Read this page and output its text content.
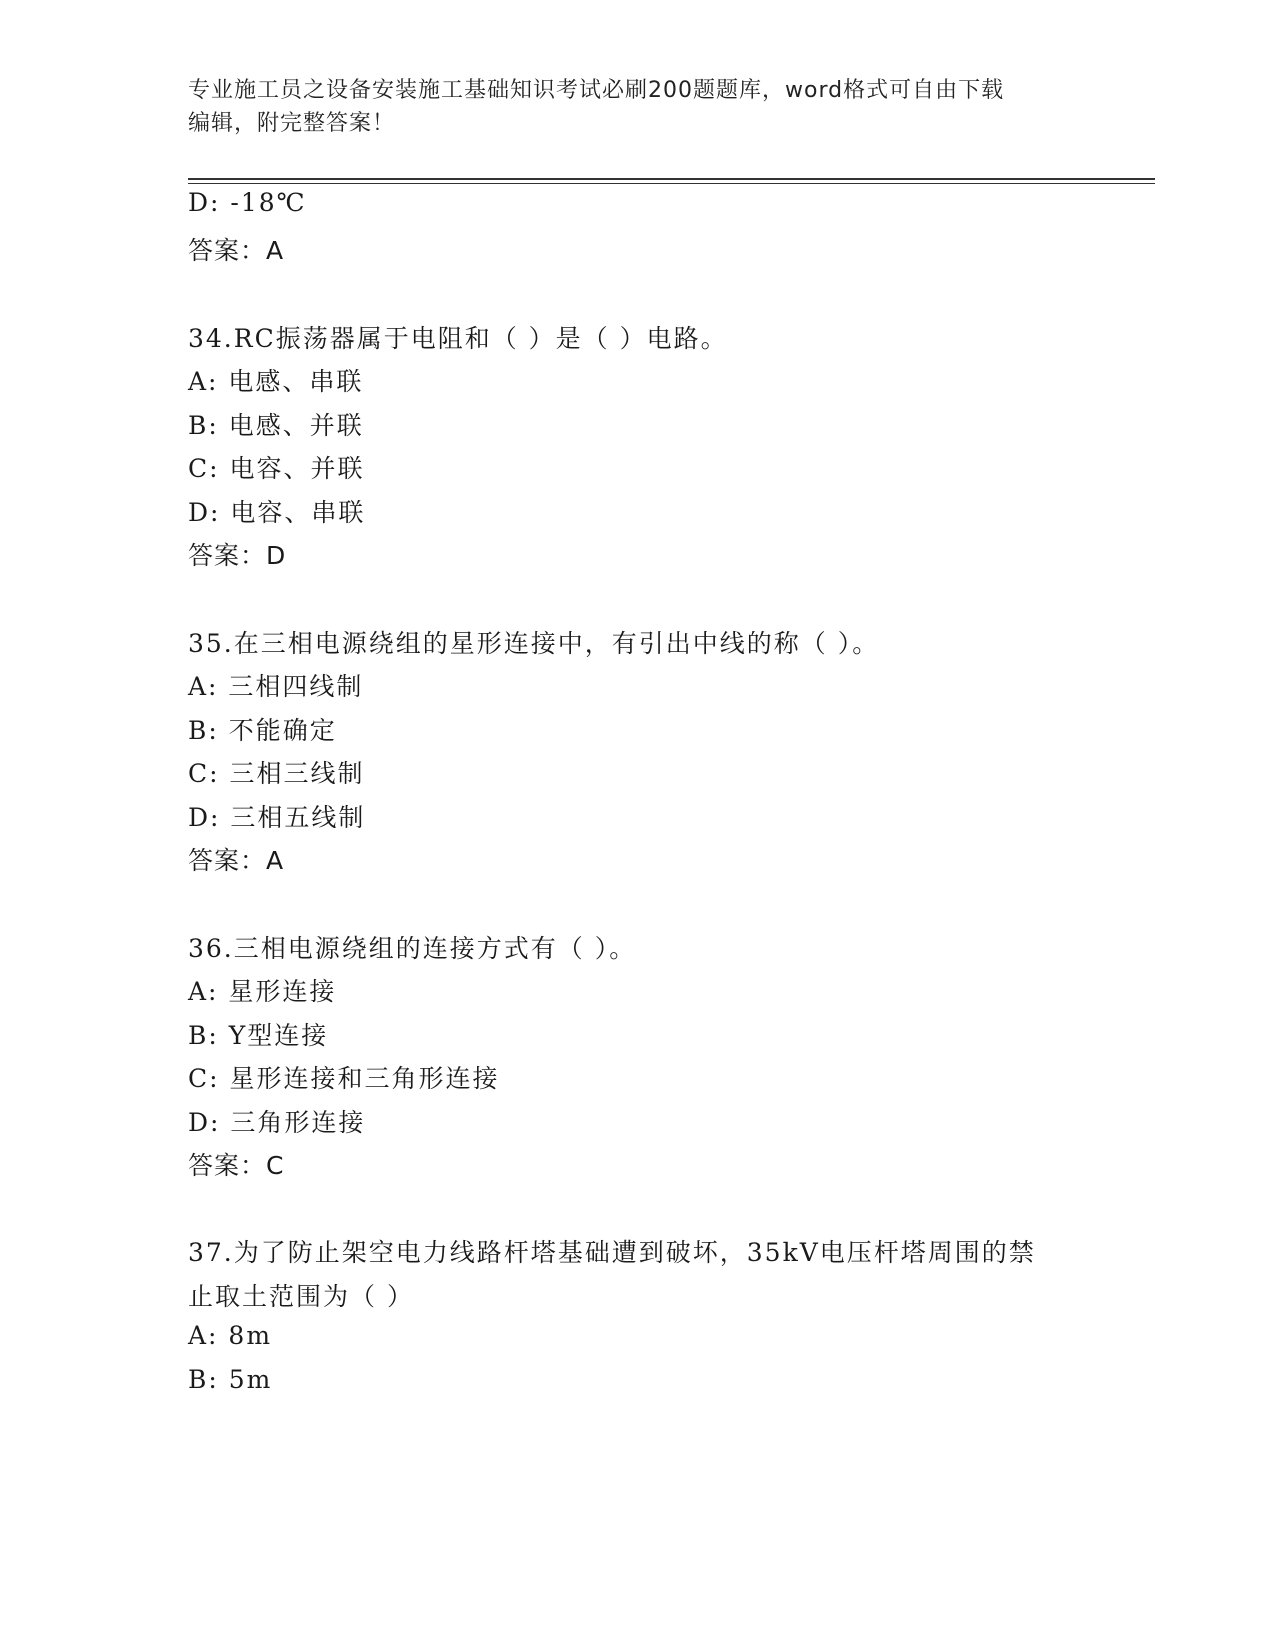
专业施工员之设备安装施工基础知识考试必刷200题题库，word格式可自由下载
编辑，附完整答案！
D: -18℃
答案：A
34.RC振荡器属于电阻和（ ）是（ ）电路。
A: 电感、串联
B: 电感、并联
C: 电容、并联
D: 电容、串联
答案：D
35.在三相电源绕组的星形连接中，有引出中线的称（ ）。
A: 三相四线制
B: 不能确定
C: 三相三线制
D: 三相五线制
答案：A
36.三相电源绕组的连接方式有（ ）。
A: 星形连接
B: Y型连接
C: 星形连接和三角形连接
D: 三角形连接
答案：C
37.为了防止架空电力线路杆塔基础遭到破坏，35kV电压杆塔周围的禁
止取土范围为（ ）
A: 8m
B: 5m
